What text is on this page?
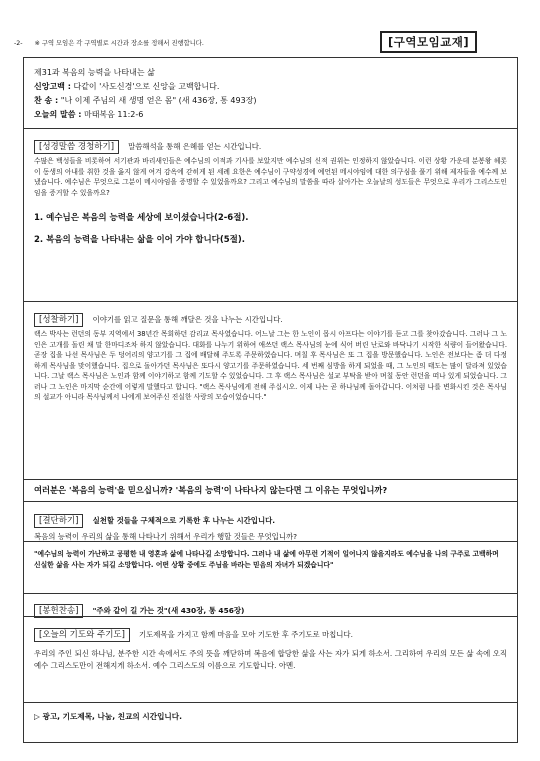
-2- ※ 구역 모임은 각 구역별로 시간과 장소를 정해서 진행합니다.	[구역모임교재]
제31과 복음의 능력을 나타내는 삶
신앙고백 : 다같이 '사도신경'으로 신앙을 고백합니다.
찬 송 : "나 이제 주님의 새 생명 얻은 몸" (새 436장, 통 493장)
오늘의 말씀 : 마태복음 11:2-6
[성경말씀 경청하기] 말씀해석을 통해 은혜를 얻는 시간입니다.

수많은 백성들을 비롯하여 서기관과 바리새인들은 예수님의 이적과 기사를 보았지만 예수님의 신적 권위는 인정하지 않았습니다. 이런 상황 가운데 분봉왕 헤롯이 동생의 아내를 취한 것을 옳지 않게 여겨 감옥에 갇히게 된 세례 요한은 예수님이 구약성경에 예언된 메시야임에 대한 의구심을 풀기 위해 제자들을 예수께 보냈습니다. 예수님은 무엇으로 그분이 메시야임을 증명할 수 있었을까요? 그리고 예수님의 말씀을 따라 살아가는 오늘날의 성도들은 무엇으로 우리가 그리스도인임을 증거할 수 있을까요?

1. 예수님은 복음의 능력을 세상에 보이셨습니다(2-6절).
2. 복음의 능력을 나타내는 삶을 이어 가야 합니다(5절).
[성찰하기] 이야기를 읽고 질문을 통해 깨달은 것을 나누는 시간입니다.

랙스 박사는 런던의 동부 지역에서 38년간 목회하던 감리교 목사였습니다. 어느날 그는 한 노인이 몹시 아프다는 이야기를 듣고 그를 찾아갔습니다. 그러나 그 노인은 고개를 돌린 채 말 한마디조차 하지 않았습니다. 대화를 나누기 위하여 애쓰던 랙스 목사님의 눈에 식어 버린 난로와 바닥나기 시작한 식량이 들어왔습니다. 곧장 집을 나선 목사님은 두 덩어리의 양고기를 그 집에 배달해 주도록 주문하였습니다. 며칠 후 목사님은 또 그 집을 방문했습니다. 노인은 전보다는 좀 더 다정하게 목사님을 맞이했습니다. 집으로 돌아가던 목사님은 또다시 양고기를 주문하였습니다. 세 번째 심방을 하게 되었을 때, 그 노인의 태도는 많이 달라져 있었습니다. 그날 랙스 목사님은 노인과 함께 이야기하고 함께 기도할 수 있었습니다. 그 후 랙스 목사님은 설교 부탁을 받아 며칠 동안 런던을 떠나 있게 되었습니다. 그러나 그 노인은 마지막 순간에 이렇게 말했다고 합니다. "랙스 목사님에게 전해 주십시오. 이제 나는 곧 하나님께 돌아갑니다. 이처럼 나를 변화시킨 것은 목사님의 설교가 아니라 목사님께서 나에게 보여주신 진실한 사랑의 모습이었습니다."

여러분은 '복음의 능력'을 믿으십니까? '복음의 능력'이 나타나지 않는다면 그 이유는 무엇입니까?
[결단하기] 실천할 것들을 구체적으로 기록한 후 나누는 시간입니다.
복음의 능력이 우리의 삶을 통해 나타나기 위해서 우리가 행할 것들은 무엇입니까?
"예수님의 능력이 가난하고 공평한 내 영혼과 삶에 나타나길 소망합니다. 그러나 내 삶에 아무런 기적이 일어나지 않을지라도 예수님을 나의 구주로 고백하며 신실한 삶을 사는 자가 되길 소망합니다. 어떤 상황 중에도 주님을 바라는 믿음의 자녀가 되겠습니다"
[봉헌찬송] "주와 같이 길 가는 것"(새 430장, 통 456장)
[오늘의 기도와 주기도] 기도제목을 가지고 함께 마음을 모아 기도한 후 주기도로 마칩니다.

우리의 주인 되신 하나님, 분주한 시간 속에서도 주의 뜻을 깨닫하며 복음에 합당한 삶을 사는 자가 되게 하소서. 그리하여 우리의 모든 삶 속에 오직 예수 그리스도만이 전해지게 하소서. 예수 그리스도의 이름으로 기도합니다. 아멘.

▷ 광고, 기도제목, 나눔, 친교의 시간입니다.
